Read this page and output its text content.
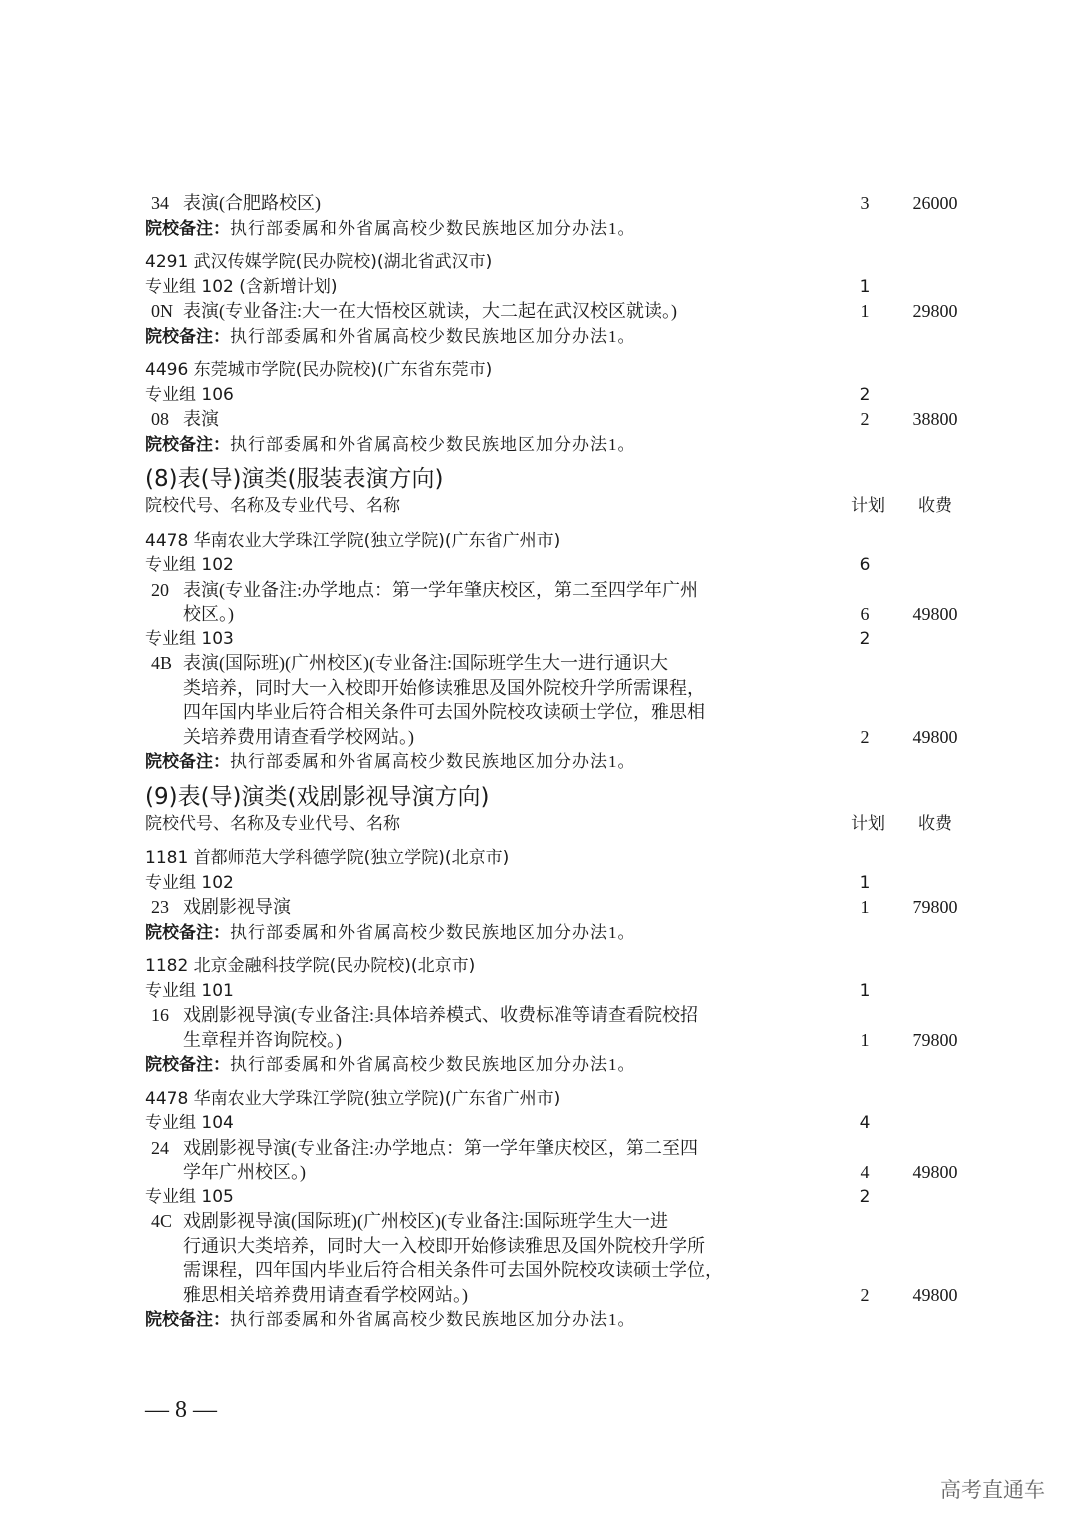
34 表演(合肥路校区)	3	26000
院校备注：执行部委属和外省属高校少数民族地区加分办法1。
4291 武汉传媒学院(民办院校)(湖北省武汉市)
专业组 102 (含新增计划)	1
0N 表演(专业备注:大一在大悟校区就读，大二起在武汉校区就读。)	1	29800
院校备注：执行部委属和外省属高校少数民族地区加分办法1。
4496 东莞城市学院(民办院校)(广东省东莞市)
专业组 106	2
08 表演	2	38800
院校备注：执行部委属和外省属高校少数民族地区加分办法1。
(8)表(导)演类(服装表演方向)
院校代号、名称及专业代号、名称	计划	收费
4478 华南农业大学珠江学院(独立学院)(广东省广州市)
专业组 102	6
20 表演(专业备注:办学地点：第一学年肇庆校区，第二至四学年广州
校区。)	6	49800
专业组 103	2
4B 表演(国际班)(广州校区)(专业备注:国际班学生大一进行通识大
类培养，同时大一入校即开始修读雅思及国外院校升学所需课程，
四年国内毕业后符合相关条件可去国外院校攻读硕士学位，雅思相
关培养费用请查看学校网站。)	2	49800
院校备注：执行部委属和外省属高校少数民族地区加分办法1。
(9)表(导)演类(戏剧影视导演方向)
院校代号、名称及专业代号、名称	计划	收费
1181 首都师范大学科德学院(独立学院)(北京市)
专业组 102	1
23 戏剧影视导演	1	79800
院校备注：执行部委属和外省属高校少数民族地区加分办法1。
1182 北京金融科技学院(民办院校)(北京市)
专业组 101	1
16 戏剧影视导演(专业备注:具体培养模式、收费标准等请查看院校招
生章程并咨询院校。)	1	79800
院校备注：执行部委属和外省属高校少数民族地区加分办法1。
4478 华南农业大学珠江学院(独立学院)(广东省广州市)
专业组 104	4
24 戏剧影视导演(专业备注:办学地点：第一学年肇庆校区，第二至四
学年广州校区。)	4	49800
专业组 105	2
4C 戏剧影视导演(国际班)(广州校区)(专业备注:国际班学生大一进
行通识大类培养，同时大一入校即开始修读雅思及国外院校升学所
需课程，四年国内毕业后符合相关条件可去国外院校攻读硕士学位，
雅思相关培养费用请查看学校网站。)	2	49800
院校备注：执行部委属和外省属高校少数民族地区加分办法1。
— 8 —
高考直通车
